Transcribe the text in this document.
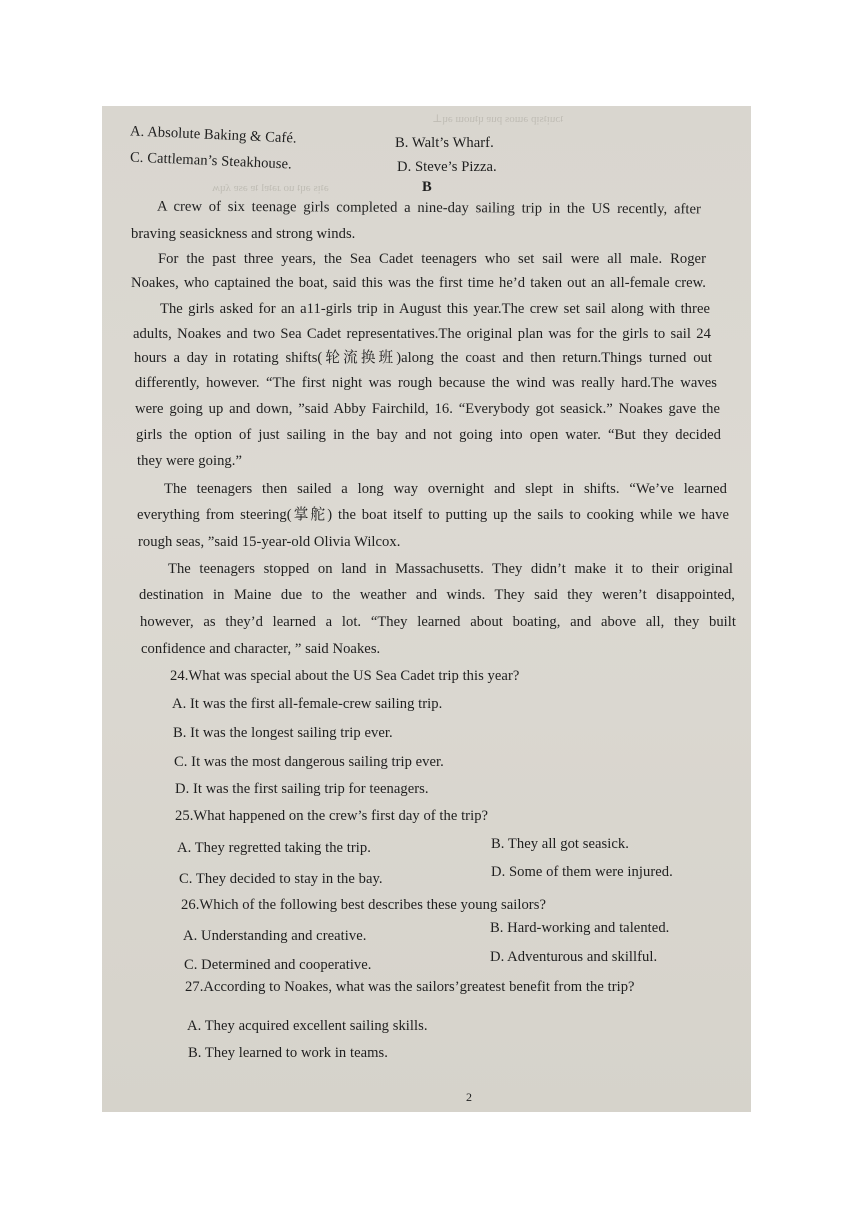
ʇɔuᴉʇsᴉp ǝɯos puɐ ɥʇuoɯ ǝɥ⊥
ǝʇᴉs ǝɥʇ uo ɹǝʇɐl ʇɐ ǝsɐ ʎɥʍ
A. Absolute Baking & Café.	B. Walt’s Wharf.
C. Cattleman’s Steakhouse.	D. Steve’s Pizza.
B
A crew of six teenage girls completed a nine-day sailing trip in the US recently, after
braving seasickness and strong winds.
For the past three years, the Sea Cadet teenagers who set sail were all male. Roger
Noakes, who captained the boat, said this was the first time he’d taken out an all-female crew.
The girls asked for an a11-girls trip in August this year.The crew set sail along with three
adults, Noakes and two Sea Cadet representatives.The original plan was for the girls to sail 24
hours a day in rotating shifts(轮流换班)along the coast and then return.Things turned out
differently, however. “The first night was rough because the wind was really hard.The waves
were going up and down, ”said Abby Fairchild, 16. “Everybody got seasick.” Noakes gave the
girls the option of just sailing in the bay and not going into open water. “But they decided
they were going.”
The teenagers then sailed a long way overnight and slept in shifts. “We’ve learned
everything from steering(掌舵) the boat itself to putting up the sails to cooking while we have
rough seas, ”said 15-year-old Olivia Wilcox.
The teenagers stopped on land in Massachusetts. They didn’t make it to their original
destination in Maine due to the weather and winds. They said they weren’t disappointed,
however, as they’d learned a lot. “They learned about boating, and above all, they built
confidence and character, ” said Noakes.
24.What was special about the US Sea Cadet trip this year?
A. It was the first all-female-crew sailing trip.
B. It was the longest sailing trip ever.
C. It was the most dangerous sailing trip ever.
D. It was the first sailing trip for teenagers.
25.What happened on the crew’s first day of the trip?
A. They regretted taking the trip.	B. They all got seasick.
C. They decided to stay in the bay.	D. Some of them were injured.
26.Which of the following best describes these young sailors?
A. Understanding and creative.	B. Hard-working and talented.
C. Determined and cooperative.	D. Adventurous and skillful.
27.According to Noakes, what was the sailors’greatest benefit from the trip?
A. They acquired excellent sailing skills.
B. They learned to work in teams.
2
